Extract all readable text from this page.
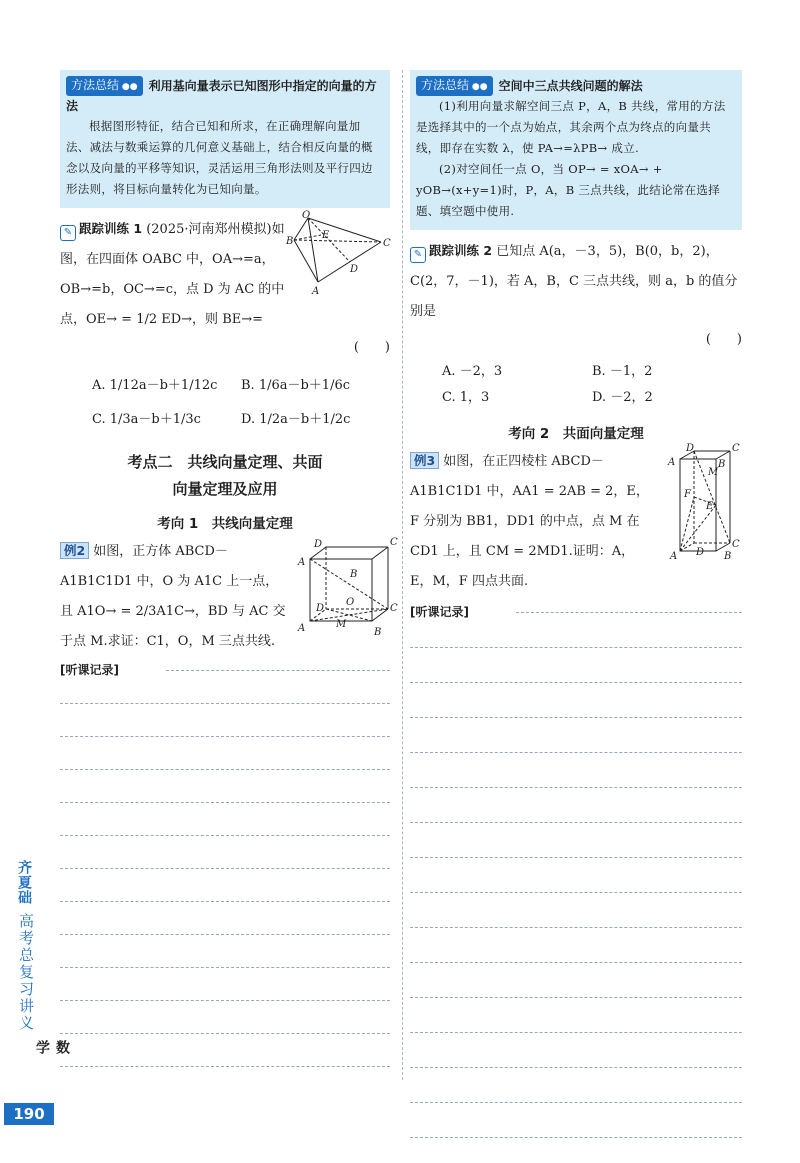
方法总结 ●● 利用基向量表示已知图形中指定的向量的方法

根据图形特征，结合已知和所求，在正确理解向量加法、减法与数乘运算的几何意义基础上，结合相反向量的概念以及向量的平移等知识，灵活运用三角形法则及平行四边形法则，将目标向量转化为已知向量。

✎ 跟踪训练 1 (2025·河南郑州模拟)如图，在四面体 OABC 中，OA→=a，OB→=b，OC→=c，点 D 为 AC 的中点，OE→ = 1/2 ED→，则 BE→=

(　　)
O
B
E
C
D
A
A. 1/12a－b＋1/12c	B. 1/6a－b＋1/6c
C. 1/3a－b＋1/3c	D. 1/2a－b＋1/2c
考点二　共线向量定理、共面
向量定理及应用
考向 1　共线向量定理

例2 如图，正方体 ABCD－A1B1C1D1 中，O 为 A1C 上一点，且 A1O→ = 2/3A1C→，BD 与 AC 交于点 M.求证：C1，O，M 三点共线.

D	C
A
B
D
O
M
B
A
C
[听课记录]
方法总结 ●● 空间中三点共线问题的解法

(1)利用向量求解空间三点 P，A，B 共线，常用的方法是选择其中的一个点为始点，其余两个点为终点的向量共线，即存在实数 λ，使 PA→=λPB→ 成立.

(2)对空间任一点 O，当 OP→ = xOA→ + yOB→(x+y=1)时，P，A，B 三点共线，此结论常在选择题、填空题中使用.

✎ 跟踪训练 2 已知点 A(a，－3，5)，B(0，b，2)，C(2，7，－1)，若 A，B，C 三点共线，则 a，b 的值分别是

(　　)
A. －2，3	B. －1，2
C. 1，3	D. －2，2
考向 2　共面向量定理

例3 如图，在正四棱柱 ABCD－A1B1C1D1 中，AA1 = 2AB = 2，E，F 分别为 BB1，DD1 的中点，点 M 在 CD1 上，且 CM = 2MD1.证明：A，E，M，F 四点共面.

D	C
A	B
M
F
E
D
A	B
C
[听课记录]
齐夏础
高考总复习讲义
数学
190
